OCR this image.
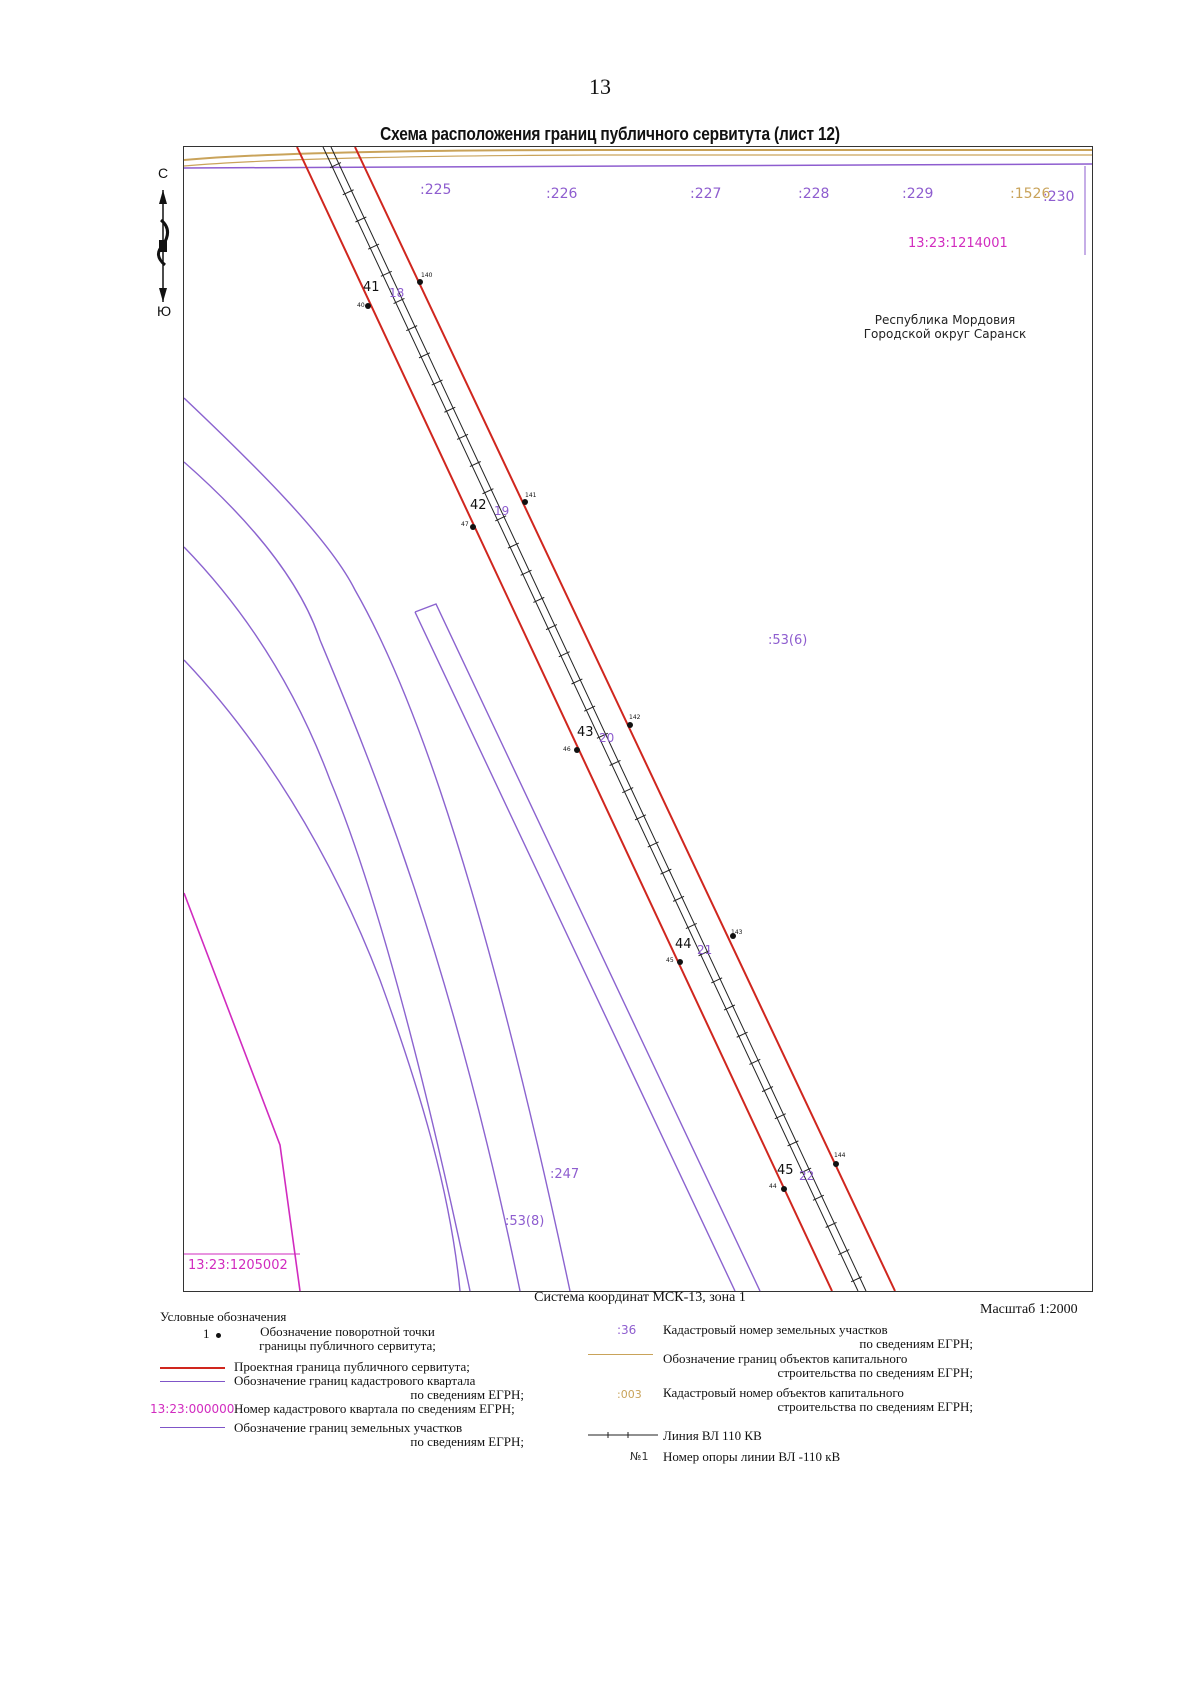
13
Схема расположения границ публичного сервитута (лист 12)
С
Ю
:225	:226	:227	:228	:229	:1526
:230
13:23:1214001
13:23:1205002
Республика Мордовия
Городской округ Саранск
:53(6)
:247
:53(8)
41 18
42 19
43 20
44 21
45 22
40
47
46
45
44
140
141
142
143
144
Система координат МСК-13, зона 1
Масштаб 1:2000
Условные обозначения
1	Обозначение поворотной точки
границы публичного сервитута;
Проектная граница публичного сервитута;
Обозначение границ кадастрового квартала
по сведениям ЕГРН;
13:23:000000 Номер кадастрового квартала по сведениям ЕГРН;
Обозначение границ земельных участков
по сведениям ЕГРН;
:36 Кадастровый номер земельных участков
по сведениям ЕГРН;
Обозначение границ объектов капитального
строительства по сведениям ЕГРН;
:003 Кадастровый номер объектов капитального
строительства по сведениям ЕГРН;
Линия ВЛ 110 КВ
№1 Номер опоры линии ВЛ -110 кВ
